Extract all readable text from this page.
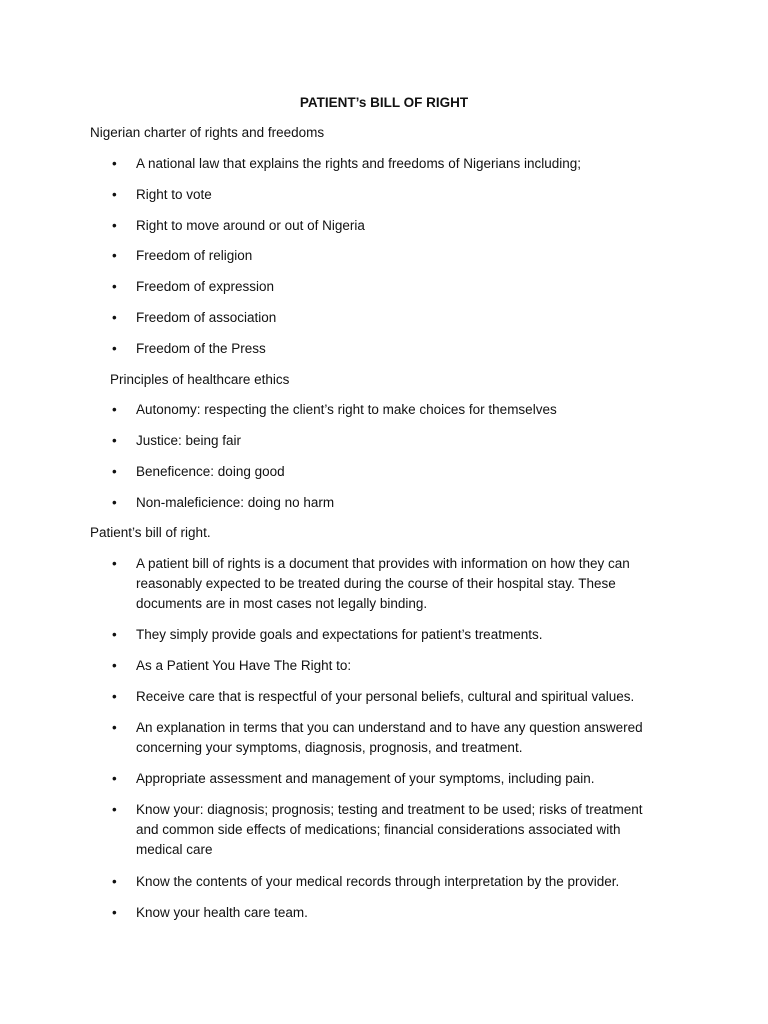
PATIENT’s BILL OF RIGHT
Nigerian charter of rights and freedoms
•	A national law that explains the rights and freedoms of Nigerians including;
•	Right to vote
•	Right to move around or out of Nigeria
•	Freedom of religion
•	Freedom of expression
•	Freedom of association
•	Freedom of the Press
Principles of healthcare ethics
•	Autonomy: respecting the client’s right to make choices for themselves
•	Justice: being fair
•	Beneficence: doing good
•	Non-maleficience: doing no harm
Patient’s bill of right.
•	A patient bill of rights is a document that provides with information on how they can reasonably expected to be treated during the course of their hospital stay. These documents are in most cases not legally binding.
•	They simply provide goals and expectations for patient’s treatments.
•	As a Patient You Have The Right to:
•	Receive care that is respectful of your personal beliefs, cultural and spiritual values.
•	An explanation in terms that you can understand and to have any question answered concerning your symptoms, diagnosis, prognosis, and treatment.
•	Appropriate assessment and management of your symptoms, including pain.
•	Know your: diagnosis; prognosis; testing and treatment to be used; risks of treatment and common side effects of medications; financial considerations associated with medical care
•	Know the contents of your medical records through interpretation by the provider.
•	Know your health care team.
